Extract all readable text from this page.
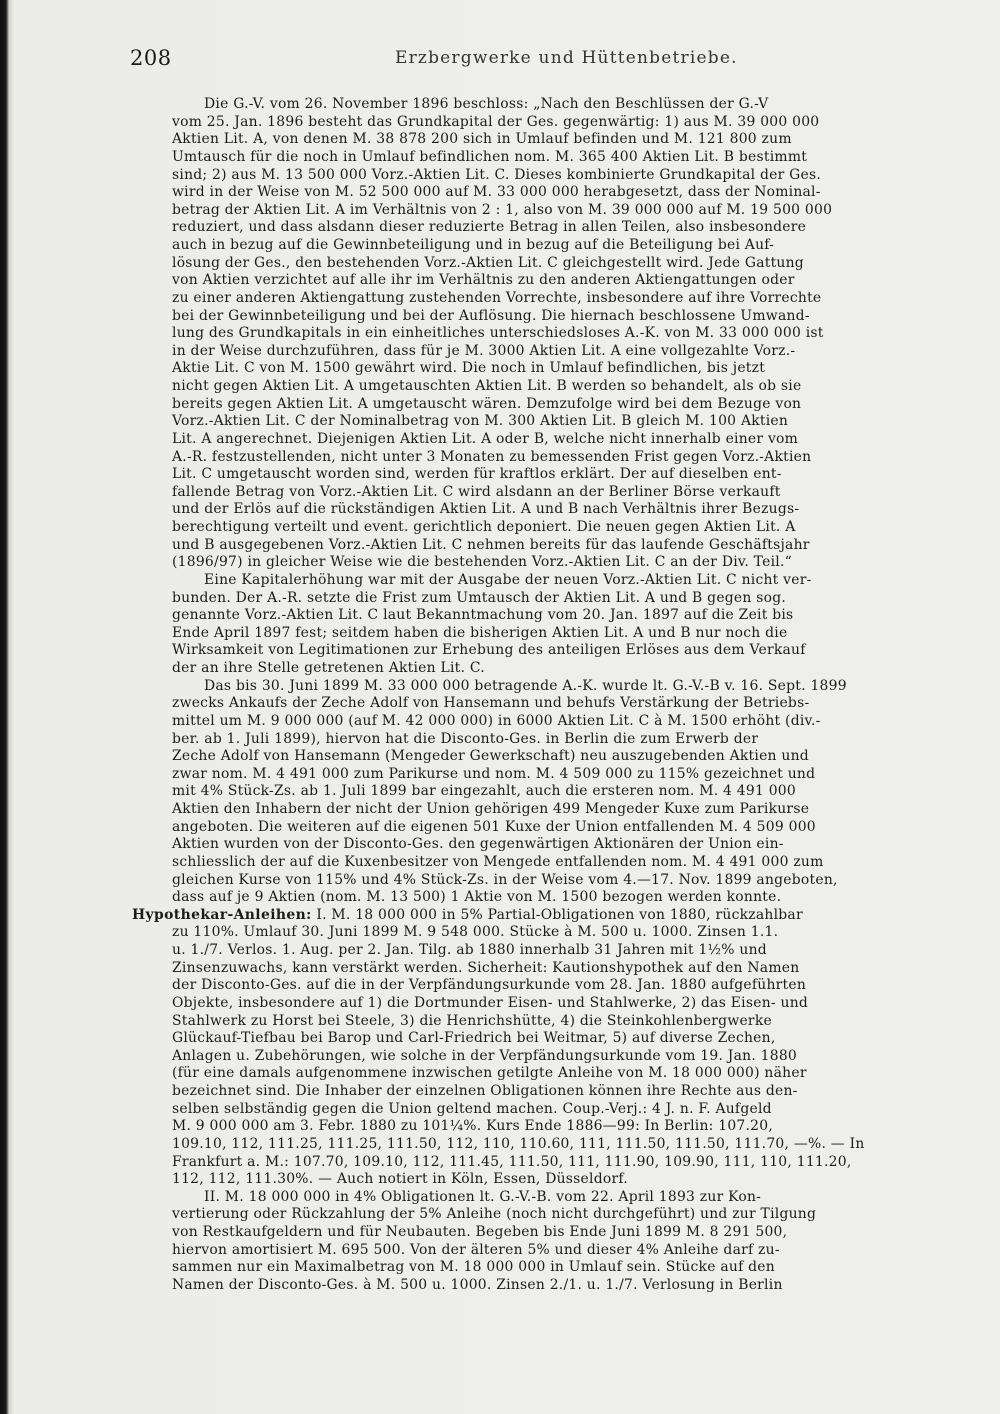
208	Erzbergwerke und Hüttenbetriebe.
Die G.-V. vom 26. November 1896 beschloss: „Nach den Beschlüssen der G.-V
vom 25. Jan. 1896 besteht das Grundkapital der Ges. gegenwärtig: 1) aus M. 39 000 000
Aktien Lit. A, von denen M. 38 878 200 sich in Umlauf befinden und M. 121 800 zum
Umtausch für die noch in Umlauf befindlichen nom. M. 365 400 Aktien Lit. B bestimmt
sind; 2) aus M. 13 500 000 Vorz.-Aktien Lit. C. Dieses kombinierte Grundkapital der Ges.
wird in der Weise von M. 52 500 000 auf M. 33 000 000 herabgesetzt, dass der Nominal-
betrag der Aktien Lit. A im Verhältnis von 2 : 1, also von M. 39 000 000 auf M. 19 500 000
reduziert, und dass alsdann dieser reduzierte Betrag in allen Teilen, also insbesondere
auch in bezug auf die Gewinnbeteiligung und in bezug auf die Beteiligung bei Auf-
lösung der Ges., den bestehenden Vorz.-Aktien Lit. C gleichgestellt wird. Jede Gattung
von Aktien verzichtet auf alle ihr im Verhältnis zu den anderen Aktiengattungen oder
zu einer anderen Aktiengattung zustehenden Vorrechte, insbesondere auf ihre Vorrechte
bei der Gewinnbeteiligung und bei der Auflösung. Die hiernach beschlossene Umwand-
lung des Grundkapitals in ein einheitliches unterschiedsloses A.-K. von M. 33 000 000 ist
in der Weise durchzuführen, dass für je M. 3000 Aktien Lit. A eine vollgezahlte Vorz.-
Aktie Lit. C von M. 1500 gewährt wird. Die noch in Umlauf befindlichen, bis jetzt
nicht gegen Aktien Lit. A umgetauschten Aktien Lit. B werden so behandelt, als ob sie
bereits gegen Aktien Lit. A umgetauscht wären. Demzufolge wird bei dem Bezuge von
Vorz.-Aktien Lit. C der Nominalbetrag von M. 300 Aktien Lit. B gleich M. 100 Aktien
Lit. A angerechnet. Diejenigen Aktien Lit. A oder B, welche nicht innerhalb einer vom
A.-R. festzustellenden, nicht unter 3 Monaten zu bemessenden Frist gegen Vorz.-Aktien
Lit. C umgetauscht worden sind, werden für kraftlos erklärt. Der auf dieselben ent-
fallende Betrag von Vorz.-Aktien Lit. C wird alsdann an der Berliner Börse verkauft
und der Erlös auf die rückständigen Aktien Lit. A und B nach Verhältnis ihrer Bezugs-
berechtigung verteilt und event. gerichtlich deponiert. Die neuen gegen Aktien Lit. A
und B ausgegebenen Vorz.-Aktien Lit. C nehmen bereits für das laufende Geschäftsjahr
(1896/97) in gleicher Weise wie die bestehenden Vorz.-Aktien Lit. C an der Div. Teil.“
Eine Kapitalerhöhung war mit der Ausgabe der neuen Vorz.-Aktien Lit. C nicht ver-
bunden. Der A.-R. setzte die Frist zum Umtausch der Aktien Lit. A und B gegen sog.
genannte Vorz.-Aktien Lit. C laut Bekanntmachung vom 20. Jan. 1897 auf die Zeit bis
Ende April 1897 fest; seitdem haben die bisherigen Aktien Lit. A und B nur noch die
Wirksamkeit von Legitimationen zur Erhebung des anteiligen Erlöses aus dem Verkauf
der an ihre Stelle getretenen Aktien Lit. C.
Das bis 30. Juni 1899 M. 33 000 000 betragende A.-K. wurde lt. G.-V.-B v. 16. Sept. 1899
zwecks Ankaufs der Zeche Adolf von Hansemann und behufs Verstärkung der Betriebs-
mittel um M. 9 000 000 (auf M. 42 000 000) in 6000 Aktien Lit. C à M. 1500 erhöht (div.-
ber. ab 1. Juli 1899), hiervon hat die Disconto-Ges. in Berlin die zum Erwerb der
Zeche Adolf von Hansemann (Mengeder Gewerkschaft) neu auszugebenden Aktien und
zwar nom. M. 4 491 000 zum Parikurse und nom. M. 4 509 000 zu 115% gezeichnet und
mit 4% Stück-Zs. ab 1. Juli 1899 bar eingezahlt, auch die ersteren nom. M. 4 491 000
Aktien den Inhabern der nicht der Union gehörigen 499 Mengeder Kuxe zum Parikurse
angeboten. Die weiteren auf die eigenen 501 Kuxe der Union entfallenden M. 4 509 000
Aktien wurden von der Disconto-Ges. den gegenwärtigen Aktionären der Union ein-
schliesslich der auf die Kuxenbesitzer von Mengede entfallenden nom. M. 4 491 000 zum
gleichen Kurse von 115% und 4% Stück-Zs. in der Weise vom 4.—17. Nov. 1899 angeboten,
dass auf je 9 Aktien (nom. M. 13 500) 1 Aktie von M. 1500 bezogen werden konnte.
Hypothekar-Anleihen: I. M. 18 000 000 in 5% Partial-Obligationen von 1880, rückzahlbar
zu 110%. Umlauf 30. Juni 1899 M. 9 548 000. Stücke à M. 500 u. 1000. Zinsen 1.1.
u. 1./7. Verlos. 1. Aug. per 2. Jan. Tilg. ab 1880 innerhalb 31 Jahren mit 1½% und
Zinsenzuwachs, kann verstärkt werden. Sicherheit: Kautionshypothek auf den Namen
der Disconto-Ges. auf die in der Verpfändungsurkunde vom 28. Jan. 1880 aufgeführten
Objekte, insbesondere auf 1) die Dortmunder Eisen- und Stahlwerke, 2) das Eisen- und
Stahlwerk zu Horst bei Steele, 3) die Henrichshütte, 4) die Steinkohlenbergwerke
Glückauf-Tiefbau bei Barop und Carl-Friedrich bei Weitmar, 5) auf diverse Zechen,
Anlagen u. Zubehörungen, wie solche in der Verpfändungsurkunde vom 19. Jan. 1880
(für eine damals aufgenommene inzwischen getilgte Anleihe von M. 18 000 000) näher
bezeichnet sind. Die Inhaber der einzelnen Obligationen können ihre Rechte aus den-
selben selbständig gegen die Union geltend machen. Coup.-Verj.: 4 J. n. F. Aufgeld
M. 9 000 000 am 3. Febr. 1880 zu 101¼%. Kurs Ende 1886—99: In Berlin: 107.20,
109.10, 112, 111.25, 111.25, 111.50, 112, 110, 110.60, 111, 111.50, 111.50, 111.70, —%. — In
Frankfurt a. M.: 107.70, 109.10, 112, 111.45, 111.50, 111, 111.90, 109.90, 111, 110, 111.20,
112, 112, 111.30%. — Auch notiert in Köln, Essen, Düsseldorf.
II. M. 18 000 000 in 4% Obligationen lt. G.-V.-B. vom 22. April 1893 zur Kon-
vertierung oder Rückzahlung der 5% Anleihe (noch nicht durchgeführt) und zur Tilgung
von Restkaufgeldern und für Neubauten. Begeben bis Ende Juni 1899 M. 8 291 500,
hiervon amortisiert M. 695 500. Von der älteren 5% und dieser 4% Anleihe darf zu-
sammen nur ein Maximalbetrag von M. 18 000 000 in Umlauf sein. Stücke auf den
Namen der Disconto-Ges. à M. 500 u. 1000. Zinsen 2./1. u. 1./7. Verlosung in Berlin
